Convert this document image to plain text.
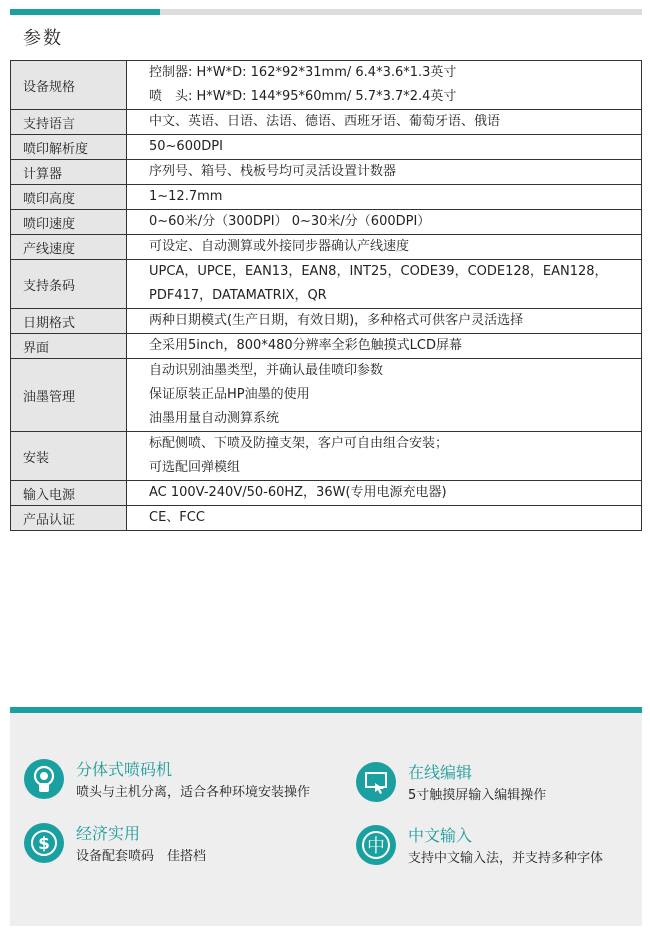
参数
设备规格	控制器: H*W*D: 162*92*31mm/ 6.4*3.6*1.3英寸
喷　头: H*W*D: 144*95*60mm/ 5.7*3.7*2.4英寸

支持语言	中文、英语、日语、法语、德语、西班牙语、葡萄牙语、俄语

喷印解析度	50~600DPI

计算器	序列号、箱号、栈板号均可灵活设置计数器

喷印高度	1~12.7mm

喷印速度	0~60米/分（300DPI） 0~30米/分（600DPI）

产线速度	可设定、自动测算或外接同步器确认产线速度

支持条码	UPCA，UPCE，EAN13，EAN8，INT25，CODE39，CODE128，EAN128，
PDF417，DATAMATRIX，QR

日期格式	两种日期模式(生产日期，有效日期)，多种格式可供客户灵活选择

界面	全采用5inch，800*480分辨率全彩色触摸式LCD屏幕

油墨管理	自动识别油墨类型，并确认最佳喷印参数
保证原装正品HP油墨的使用
油墨用量自动测算系统

安装	标配侧喷、下喷及防撞支架，客户可自由组合安装；
可选配回弹模组

输入电源	AC 100V-240V/50-60HZ，36W(专用电源充电器)

产品认证	CE、FCC
分体式喷码机
喷头与主机分离，适合各种环境安装操作
在线编辑
5寸触摸屏输入编辑操作
$
经济实用
设备配套喷码　佳搭档	中
中文输入
支持中文输入法，并支持多种字体
